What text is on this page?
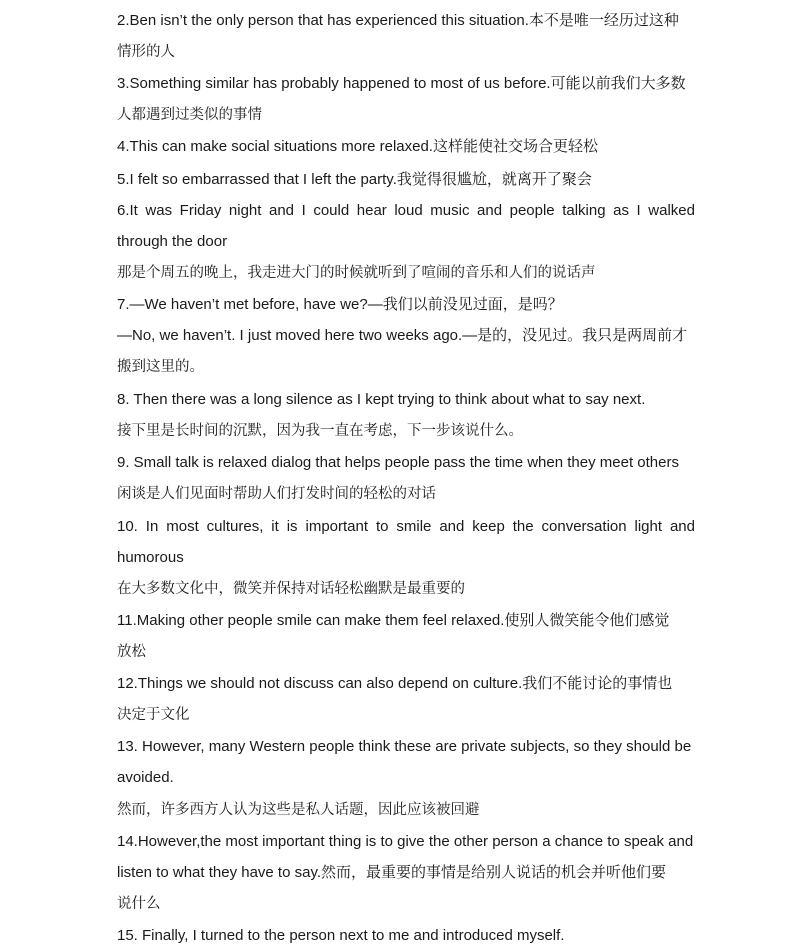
2.Ben isn’t the only person that has experienced this situation.本不是唯一经历过这种
情形的人
3.Something similar has probably happened to most of us before.可能以前我们大多数
人都遇到过类似的事情
4.This can make social situations more relaxed.这样能使社交场合更轻松
5.I felt so embarrassed that I left the party.我觉得很尴尬，就离开了聚会
6.It was Friday night and I could hear loud music and people talking as I walked
through the door
那是个周五的晚上，我走进大门的时候就听到了喧闹的音乐和人们的说话声
7.—We haven’t met before, have we?—我们以前没见过面，是吗？
—No, we haven’t. I just moved here two weeks ago.—是的，没见过。我只是两周前才
搬到这里的。
8. Then there was a long silence as I kept trying to think about what to say next.
接下里是长时间的沉默，因为我一直在考虑，下一步该说什么。
9. Small talk is relaxed dialog that helps people pass the time when they meet others
闲谈是人们见面时帮助人们打发时间的轻松的对话
10. In most cultures, it is important to smile and keep the conversation light and
humorous
在大多数文化中，微笑并保持对话轻松幽默是最重要的
11.Making other people smile can make them feel relaxed.使别人微笑能令他们感觉
放松
12.Things we should not discuss can also depend on culture.我们不能讨论的事情也
决定于文化
13. However, many Western people think these are private subjects, so they should be
avoided.
然而，许多西方人认为这些是私人话题，因此应该被回避
14.However,the most important thing is to give the other person a chance to speak and
listen to what they have to say.然而，最重要的事情是给别人说话的机会并听他们要
说什么
15. Finally, I turned to the person next to me and introduced myself.
